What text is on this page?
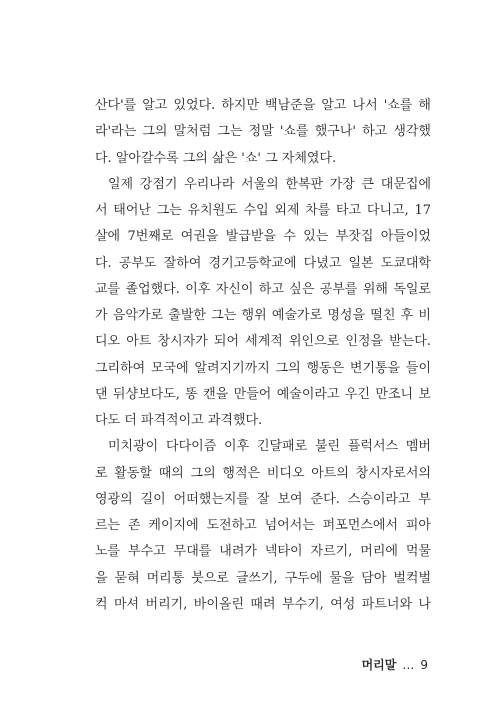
산다'를 알고 있었다. 하지만 백남준을 알고 나서 '쇼를 해
라'라는 그의 말처럼 그는 정말 '쇼를 했구나' 하고 생각했
다. 알아갈수록 그의 삶은 '쇼' 그 자체였다.
일제 강점기 우리나라 서울의 한복판 가장 큰 대문집에
서 태어난 그는 유치원도 수입 외제 차를 타고 다니고, 17
살에 7번째로 여권을 발급받을 수 있는 부잣집 아들이었
다. 공부도 잘하여 경기고등학교에 다녔고 일본 도쿄대학
교를 졸업했다. 이후 자신이 하고 싶은 공부를 위해 독일로
가 음악가로 출발한 그는 행위 예술가로 명성을 떨친 후 비
디오 아트 창시자가 되어 세계적 위인으로 인정을 받는다.
그리하여 모국에 알려지기까지 그의 행동은 변기통을 들이
댄 뒤샹보다도, 똥 캔을 만들어 예술이라고 우긴 만조니 보
다도 더 파격적이고 과격했다.
미치광이 다다이즘 이후 긴달패로 불린 플럭서스 멤버
로 활동할 때의 그의 행적은 비디오 아트의 창시자로서의
영광의 길이 어떠했는지를 잘 보여 준다. 스승이라고 부
르는 존 케이지에 도전하고 넘어서는 퍼포먼스에서 피아
노를 부수고 무대를 내려가 넥타이 자르기, 머리에 먹물
을 묻혀 머리통 붓으로 글쓰기, 구두에 물을 담아 벌컥벌
컥 마셔 버리기, 바이올린 때려 부수기, 여성 파트너와 나
머리말 … 9
